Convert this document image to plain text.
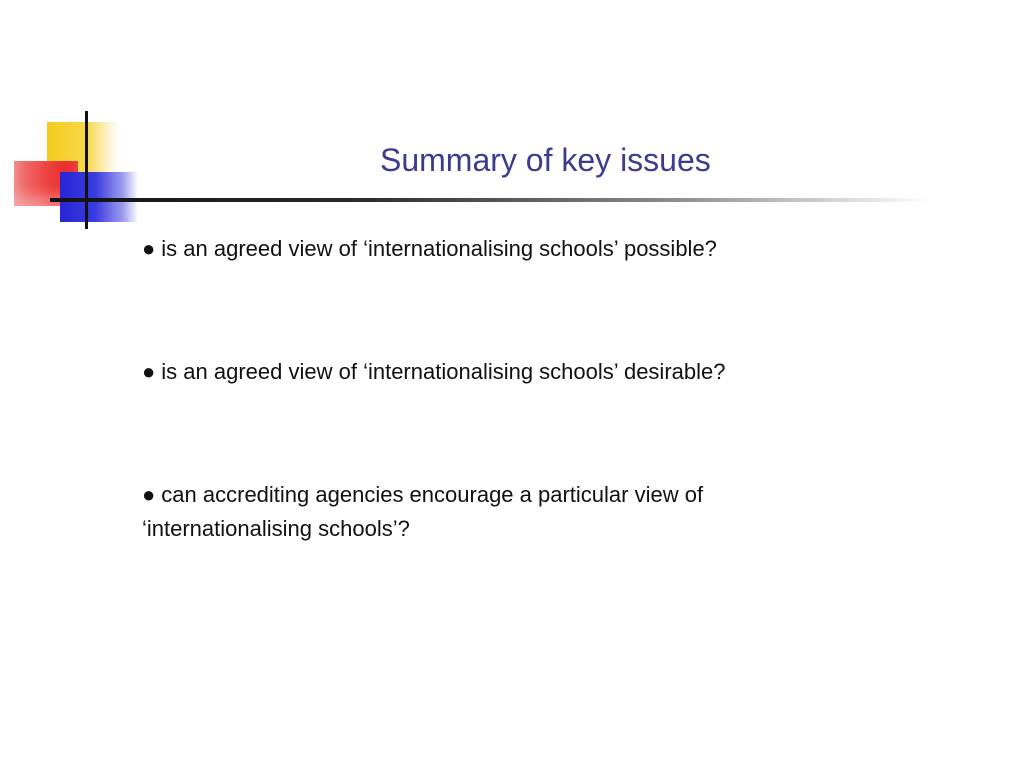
Summary of key issues
● is an agreed view of ‘internationalising schools’ possible?
● is an agreed view of ‘internationalising schools’ desirable?
● can accrediting agencies encourage a particular view of ‘internationalising schools’?
